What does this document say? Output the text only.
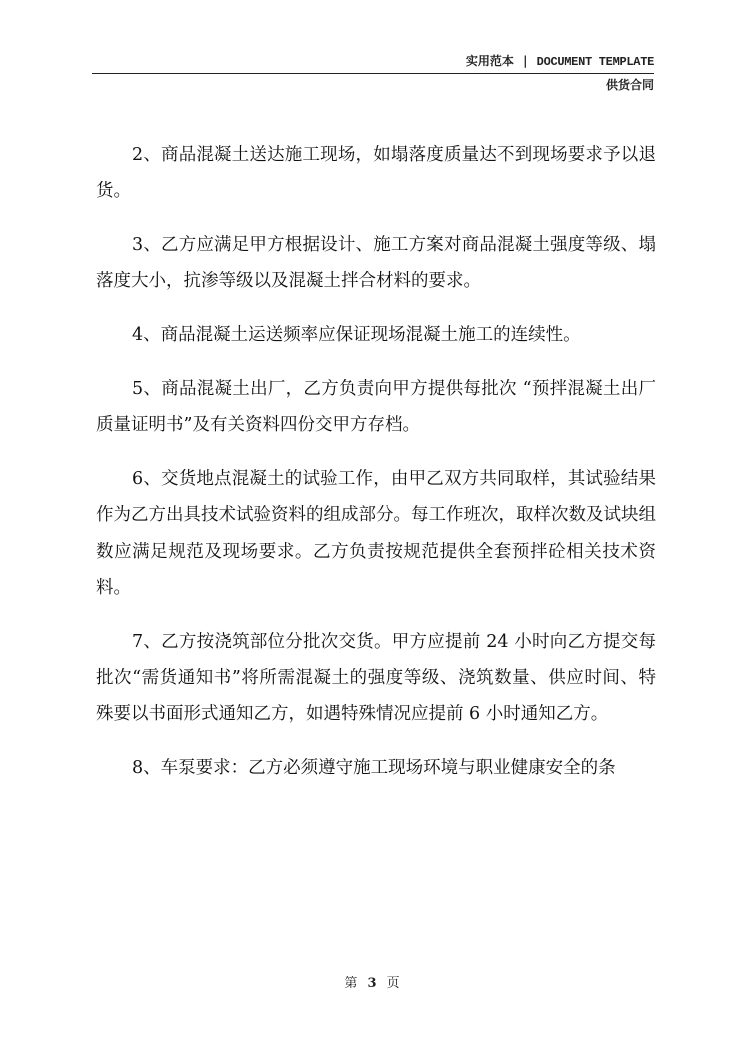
实用范本 | DOCUMENT TEMPLATE
供货合同

2、商品混凝土送达施工现场，如塌落度质量达不到现场要求予以退货。

3、乙方应满足甲方根据设计、施工方案对商品混凝土强度等级、塌落度大小，抗渗等级以及混凝土拌合材料的要求。

4、商品混凝土运送频率应保证现场混凝土施工的连续性。

5、商品混凝土出厂，乙方负责向甲方提供每批次 “预拌混凝土出厂质量证明书”及有关资料四份交甲方存档。

6、交货地点混凝土的试验工作，由甲乙双方共同取样，其试验结果作为乙方出具技术试验资料的组成部分。每工作班次，取样次数及试块组数应满足规范及现场要求。乙方负责按规范提供全套预拌砼相关技术资料。

7、乙方按浇筑部位分批次交货。甲方应提前 24 小时向乙方提交每批次“需货通知书”将所需混凝土的强度等级、浇筑数量、供应时间、特殊要以书面形式通知乙方，如遇特殊情况应提前 6 小时通知乙方。

8、车泵要求：乙方必须遵守施工现场环境与职业健康安全的条

第 3 页
